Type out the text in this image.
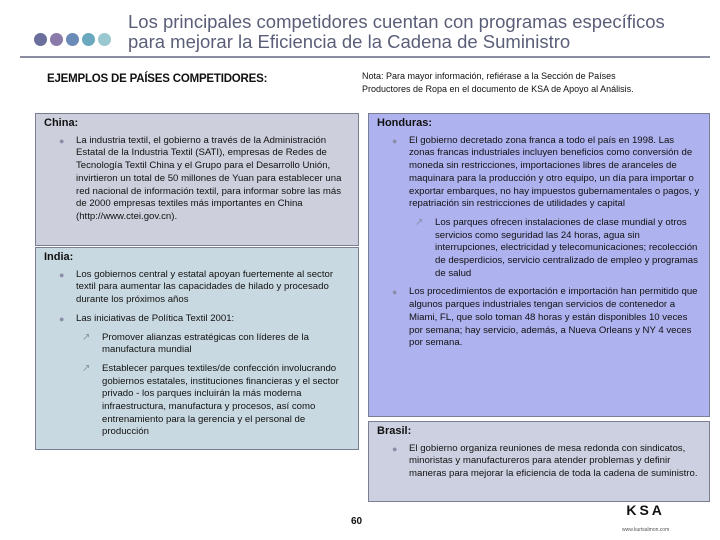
Los principales competidores cuentan con programas específicos
para mejorar la Eficiencia de la Cadena de Suministro
EJEMPLOS DE PAÍSES COMPETIDORES:	Nota: Para mayor información, refiérase a la Sección de Países
Productores de Ropa en el documento de KSA de Apoyo al Análisis.
China:
● La industria textil, el gobierno a través de la Administración Estatal de la Industria Textil (SATI), empresas de Redes de Tecnología Textil China y el Grupo para el Desarrollo Unión, invirtieron un total de 50 millones de Yuan para establecer una red nacional de información textil, para informar sobre las más de 2000 empresas textiles más importantes en China (http://www.ctei.gov.cn).
India:
● Los gobiernos central y estatal apoyan fuertemente al sector textil para aumentar las capacidades de hilado y procesado durante los próximos años
● Las iniciativas de Política Textil 2001:
↗ Promover alianzas estratégicas con líderes de la manufactura mundial
↗ Establecer parques textiles/de confección involucrando gobiernos estatales, instituciones financieras y el sector privado - los parques incluirán la más moderna infraestructura, manufactura y procesos, así como entrenamiento para la gerencia y el personal de producción
Honduras:
● El gobierno decretado zona franca a todo el país en 1998. Las zonas francas industriales incluyen beneficios como conversión de moneda sin restricciones, importaciones libres de aranceles de maquinara para la producción y otro equipo, un día para importar o exportar embarques, no hay impuestos gubernamentales o pagos, y repatriación sin restricciones de utilidades y capital
↗ Los parques ofrecen instalaciones de clase mundial y otros servicios como seguridad las 24 horas, agua sin interrupciones, electricidad y telecomunicaciones; recolección de desperdicios, servicio centralizado de empleo y programas de salud
● Los procedimientos de exportación e importación han permitido que algunos parques industriales tengan servicios de contenedor a Miami, FL, que solo toman 48 horas y están disponibles 10 veces por semana; hay servicio, además, a Nueva Orleans y NY 4 veces por semana.
Brasil:
● El gobierno organiza reuniones de mesa redonda con sindicatos, minoristas y manufactureros para atender problemas y definir maneras para mejorar la eficiencia de toda la cadena de suministro.
60
KSA
www.kurtsalmon.com
